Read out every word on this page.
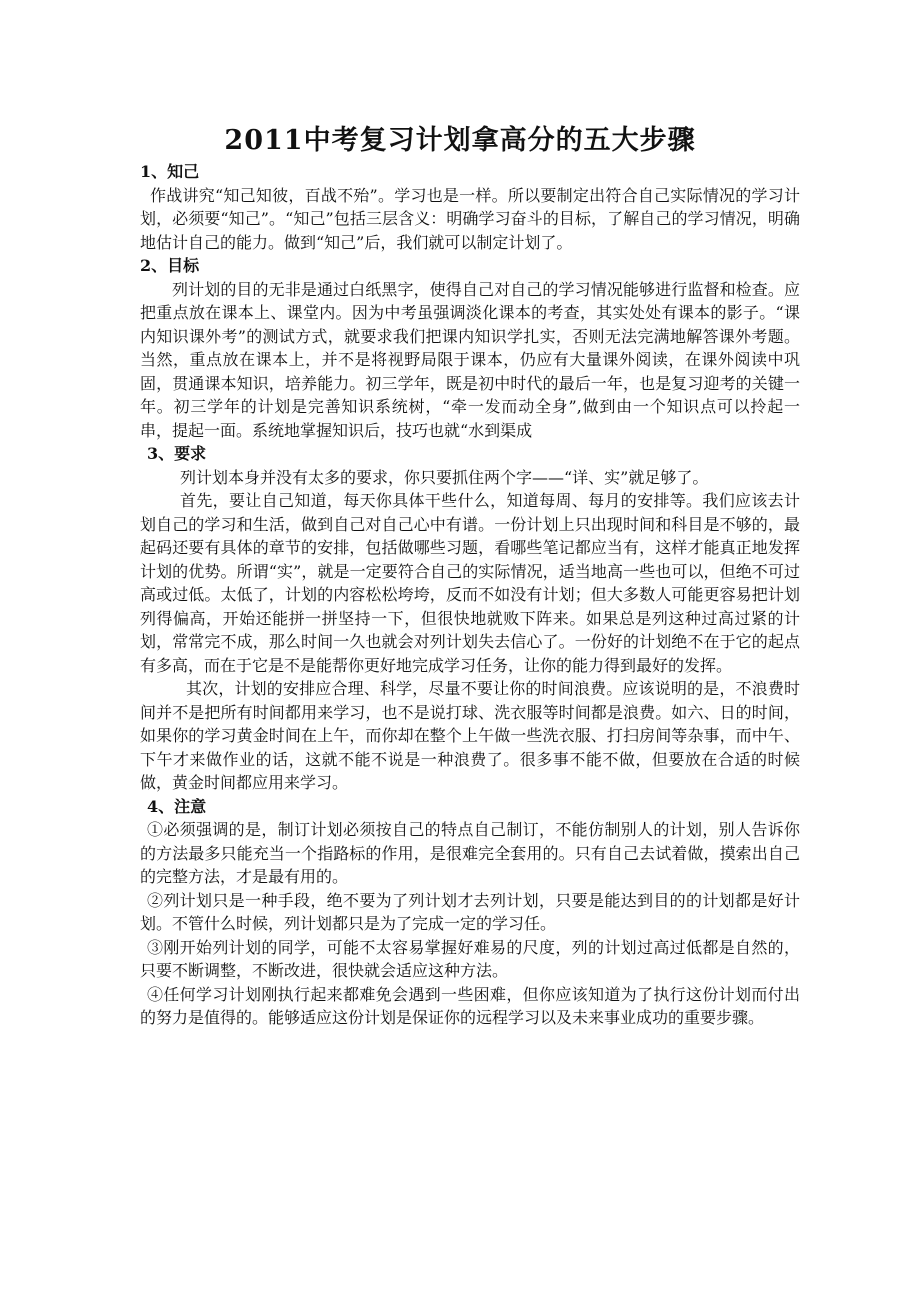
2011中考复习计划拿高分的五大步骤
1、知己

作战讲究“知己知彼，百战不殆”。学习也是一样。所以要制定出符合自己实际情况的学习计划，必须要“知己”。“知己”包括三层含义：明确学习奋斗的目标，了解自己的学习情况，明确地估计自己的能力。做到“知己”后，我们就可以制定计划了。

2、目标

列计划的目的无非是通过白纸黑字，使得自己对自己的学习情况能够进行监督和检查。应把重点放在课本上、课堂内。因为中考虽强调淡化课本的考查，其实处处有课本的影子。“课内知识课外考”的测试方式，就要求我们把课内知识学扎实，否则无法完满地解答课外考题。当然，重点放在课本上，并不是将视野局限于课本，仍应有大量课外阅读，在课外阅读中巩固，贯通课本知识，培养能力。初三学年，既是初中时代的最后一年，也是复习迎考的关键一年。初三学年的计划是完善知识系统树，“牵一发而动全身”,做到由一个知识点可以拎起一串，提起一面。系统地掌握知识后，技巧也就“水到渠成

3、要求

列计划本身并没有太多的要求，你只要抓住两个字——“详、实”就足够了。

首先，要让自己知道，每天你具体干些什么，知道每周、每月的安排等。我们应该去计划自己的学习和生活，做到自己对自己心中有谱。一份计划上只出现时间和科目是不够的，最起码还要有具体的章节的安排，包括做哪些习题，看哪些笔记都应当有，这样才能真正地发挥计划的优势。所谓“实”，就是一定要符合自己的实际情况，适当地高一些也可以，但绝不可过高或过低。太低了，计划的内容松松垮垮，反而不如没有计划；但大多数人可能更容易把计划列得偏高，开始还能拼一拼坚持一下，但很快地就败下阵来。如果总是列这种过高过紧的计划，常常完不成，那么时间一久也就会对列计划失去信心了。一份好的计划绝不在于它的起点有多高，而在于它是不是能帮你更好地完成学习任务，让你的能力得到最好的发挥。

其次，计划的安排应合理、科学，尽量不要让你的时间浪费。应该说明的是，不浪费时间并不是把所有时间都用来学习，也不是说打球、洗衣服等时间都是浪费。如六、日的时间，如果你的学习黄金时间在上午，而你却在整个上午做一些洗衣服、打扫房间等杂事，而中午、下午才来做作业的话，这就不能不说是一种浪费了。很多事不能不做，但要放在合适的时候做，黄金时间都应用来学习。

4、注意

①必须强调的是，制订计划必须按自己的特点自己制订，不能仿制别人的计划，别人告诉你的方法最多只能充当一个指路标的作用，是很难完全套用的。只有自己去试着做，摸索出自己的完整方法，才是最有用的。

②列计划只是一种手段，绝不要为了列计划才去列计划，只要是能达到目的的计划都是好计划。不管什么时候，列计划都只是为了完成一定的学习任。

③刚开始列计划的同学，可能不太容易掌握好难易的尺度，列的计划过高过低都是自然的，只要不断调整，不断改进，很快就会适应这种方法。

④任何学习计划刚执行起来都难免会遇到一些困难，但你应该知道为了执行这份计划而付出的努力是值得的。能够适应这份计划是保证你的远程学习以及未来事业成功的重要步骤。
